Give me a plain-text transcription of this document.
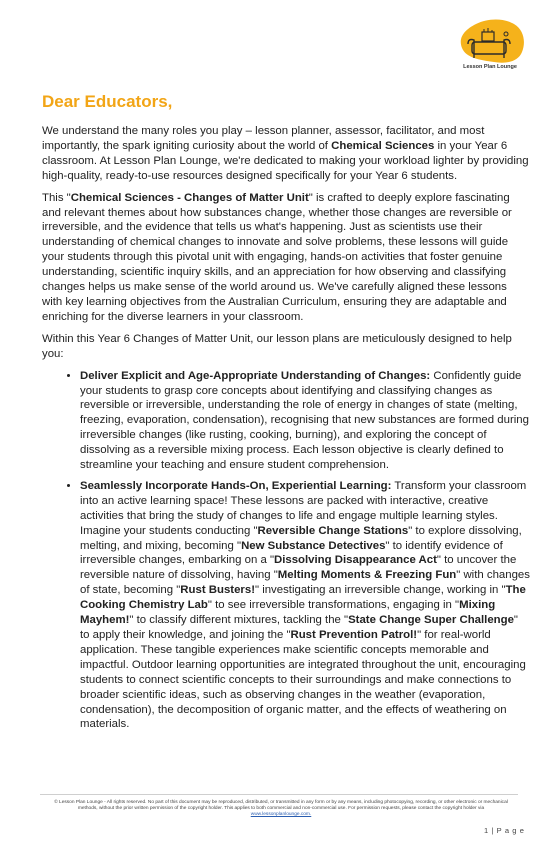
Lesson Plan Lounge
Dear Educators,

We understand the many roles you play – lesson planner, assessor, facilitator, and most importantly, the spark igniting curiosity about the world of Chemical Sciences in your Year 6 classroom. At Lesson Plan Lounge, we're dedicated to making your workload lighter by providing high-quality, ready-to-use resources designed specifically for your Year 6 students.

This "Chemical Sciences - Changes of Matter Unit" is crafted to deeply explore fascinating and relevant themes about how substances change, whether those changes are reversible or irreversible, and the evidence that tells us what's happening. Just as scientists use their understanding of chemical changes to innovate and solve problems, these lessons will guide your students through this pivotal unit with engaging, hands-on activities that foster genuine understanding, scientific inquiry skills, and an appreciation for how observing and classifying changes helps us make sense of the world around us. We've carefully aligned these lessons with key learning objectives from the Australian Curriculum, ensuring they are adaptable and enriching for the diverse learners in your classroom.

Within this Year 6 Changes of Matter Unit, our lesson plans are meticulously designed to help you:

• Deliver Explicit and Age-Appropriate Understanding of Changes: Confidently guide your students to grasp core concepts about identifying and classifying changes as reversible or irreversible, understanding the role of energy in changes of state (melting, freezing, evaporation, condensation), recognising that new substances are formed during irreversible changes (like rusting, cooking, burning), and exploring the concept of dissolving as a reversible mixing process. Each lesson objective is clearly defined to streamline your teaching and ensure student comprehension.
• Seamlessly Incorporate Hands-On, Experiential Learning: Transform your classroom into an active learning space! These lessons are packed with interactive, creative activities that bring the study of changes to life and engage multiple learning styles. Imagine your students conducting "Reversible Change Stations" to explore dissolving, melting, and mixing, becoming "New Substance Detectives" to identify evidence of irreversible changes, embarking on a "Dissolving Disappearance Act" to uncover the reversible nature of dissolving, having "Melting Moments & Freezing Fun" with changes of state, becoming "Rust Busters!" investigating an irreversible change, working in "The Cooking Chemistry Lab" to see irreversible transformations, engaging in "Mixing Mayhem!" to classify different mixtures, tackling the "State Change Super Challenge" to apply their knowledge, and joining the "Rust Prevention Patrol!" for real-world application. These tangible experiences make scientific concepts memorable and impactful. Outdoor learning opportunities are integrated throughout the unit, encouraging students to connect scientific concepts to their surroundings and make connections to broader scientific ideas, such as observing changes in the weather (evaporation, condensation), the decomposition of organic matter, and the effects of weathering on materials.
© Lesson Plan Lounge - All rights reserved. No part of this document may be reproduced, distributed, or transmitted in any form or by any means, including photocopying, recording, or other electronic or mechanical methods, without the prior written permission of the copyright holder. This applies to both commercial and non-commercial use. For permission requests, please contact the copyright holder via
www.lessonplanlounge.com.
1 | P a g e
